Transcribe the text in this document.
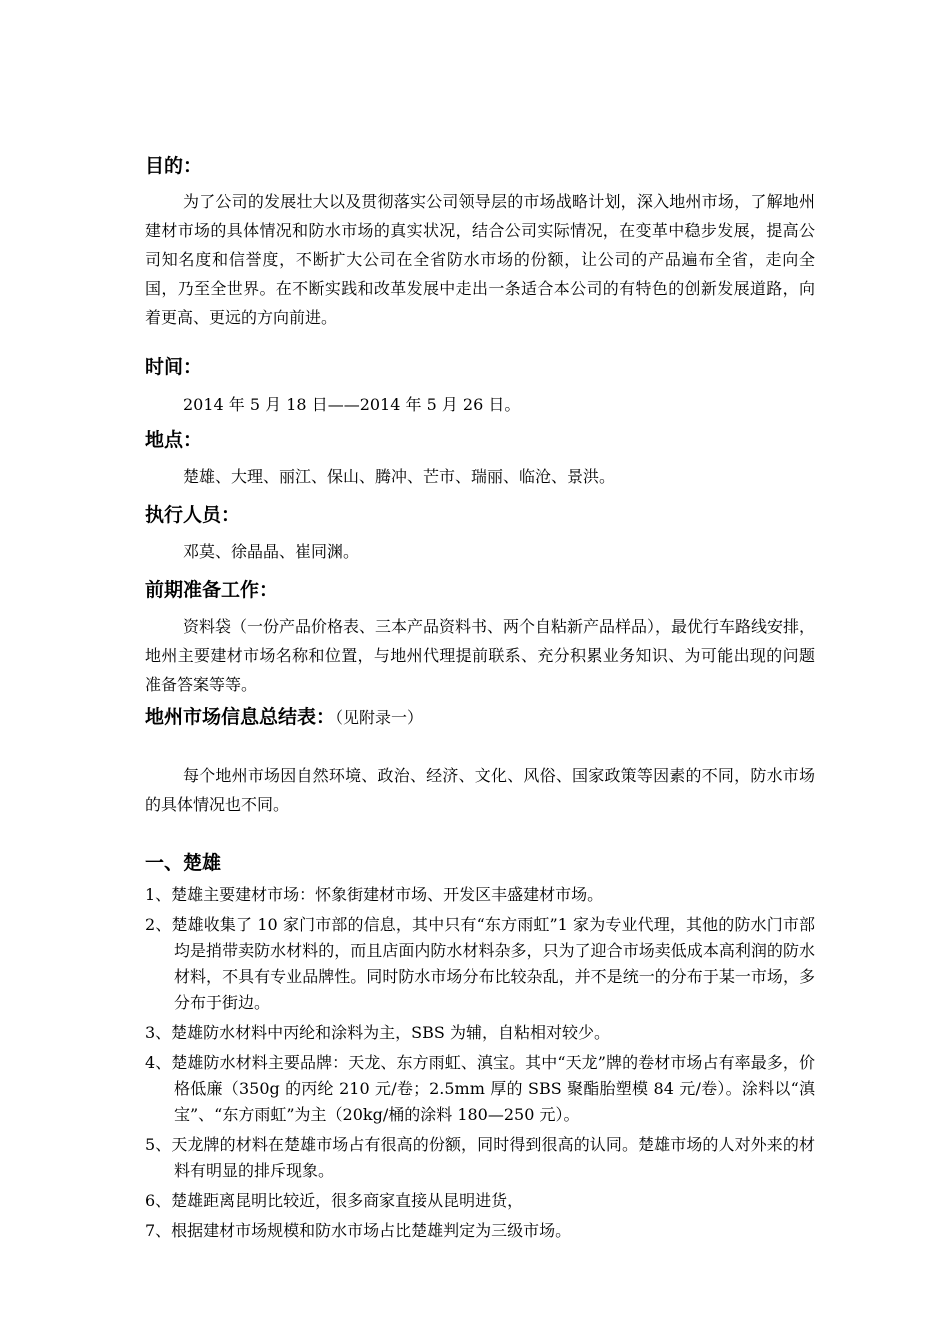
目的：

为了公司的发展壮大以及贯彻落实公司领导层的市场战略计划，深入地州市场，了解地州建材市场的具体情况和防水市场的真实状况，结合公司实际情况，在变革中稳步发展，提高公司知名度和信誉度，不断扩大公司在全省防水市场的份额，让公司的产品遍布全省，走向全国，乃至全世界。在不断实践和改革发展中走出一条适合本公司的有特色的创新发展道路，向着更高、更远的方向前进。

时间：

2014 年 5 月 18 日——2014 年 5 月 26 日。

地点：

楚雄、大理、丽江、保山、腾冲、芒市、瑞丽、临沧、景洪。

执行人员：

邓莫、徐晶晶、崔同渊。

前期准备工作：

资料袋（一份产品价格表、三本产品资料书、两个自粘新产品样品），最优行车路线安排，地州主要建材市场名称和位置，与地州代理提前联系、充分积累业务知识、为可能出现的问题准备答案等等。

地州市场信息总结表：（见附录一）

每个地州市场因自然环境、政治、经济、文化、风俗、国家政策等因素的不同，防水市场的具体情况也不同。

一、楚雄
1、楚雄主要建材市场：怀象街建材市场、开发区丰盛建材市场。
2、楚雄收集了 10 家门市部的信息，其中只有“东方雨虹”1 家为专业代理，其他的防水门市部均是捎带卖防水材料的，而且店面内防水材料杂多，只为了迎合市场卖低成本高利润的防水材料，不具有专业品牌性。同时防水市场分布比较杂乱，并不是统一的分布于某一市场，多分布于街边。
3、楚雄防水材料中丙纶和涂料为主，SBS 为辅，自粘相对较少。
4、楚雄防水材料主要品牌：天龙、东方雨虹、滇宝。其中“天龙”牌的卷材市场占有率最多，价格低廉（350g 的丙纶 210 元/卷；2.5mm 厚的 SBS 聚酯胎塑模 84 元/卷）。涂料以“滇宝”、“东方雨虹”为主（20kg/桶的涂料 180—250 元）。
5、天龙牌的材料在楚雄市场占有很高的份额，同时得到很高的认同。楚雄市场的人对外来的材料有明显的排斥现象。
6、楚雄距离昆明比较近，很多商家直接从昆明进货，
7、根据建材市场规模和防水市场占比楚雄判定为三级市场。
